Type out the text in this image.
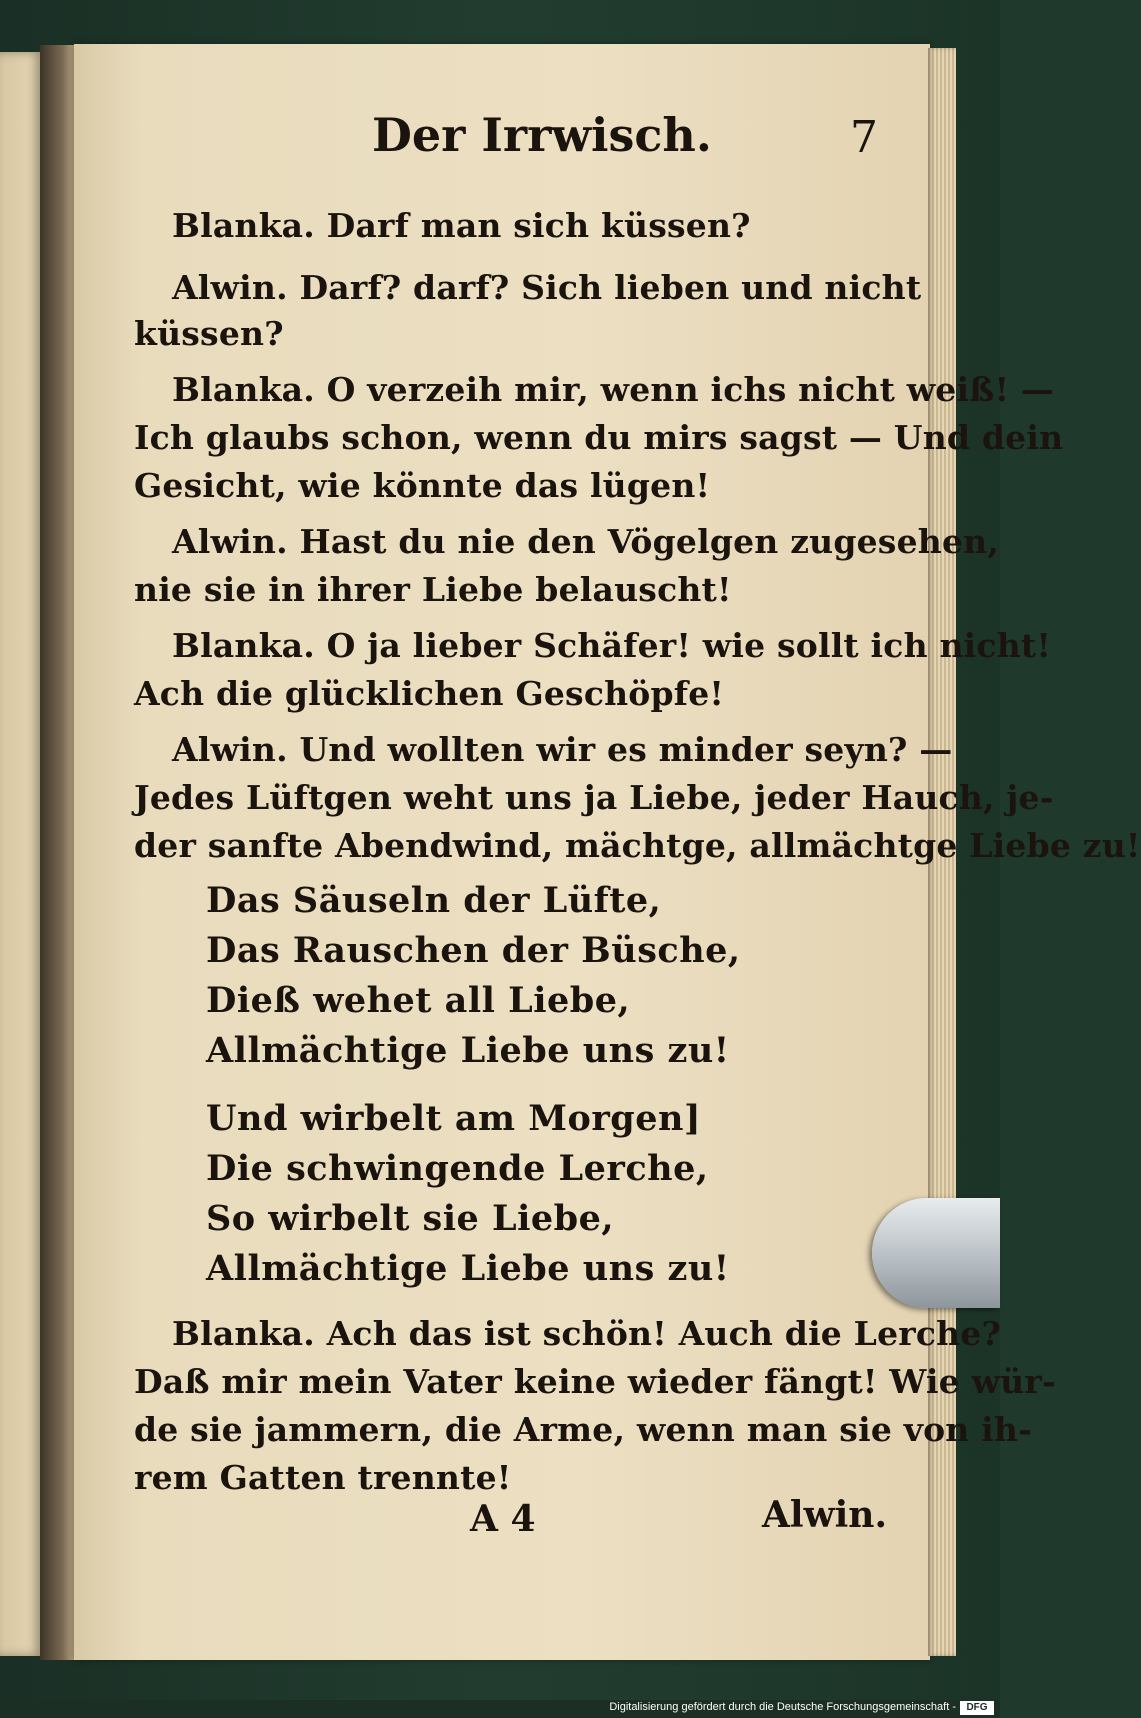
Der Irrwisch.	7
Blanka. Darf man sich küssen?
Alwin. Darf? darf? Sich lieben und nicht
küssen?
Blanka. O verzeih mir, wenn ichs nicht weiß! —
Ich glaubs schon, wenn du mirs sagst — Und dein
Gesicht, wie könnte das lügen!
Alwin. Hast du nie den Vögelgen zugesehen,
nie sie in ihrer Liebe belauscht!
Blanka. O ja lieber Schäfer! wie sollt ich nicht!
Ach die glücklichen Geschöpfe!
Alwin. Und wollten wir es minder seyn? —
Jedes Lüftgen weht uns ja Liebe, jeder Hauch, je-
der sanfte Abendwind, mächtge, allmächtge Liebe zu!
Das Säuseln der Lüfte,
Das Rauschen der Büsche,
Dieß wehet all Liebe,
Allmächtige Liebe uns zu!
Und wirbelt am Morgen]
Die schwingende Lerche,
So wirbelt sie Liebe,
Allmächtige Liebe uns zu!
Blanka. Ach das ist schön! Auch die Lerche?
Daß mir mein Vater keine wieder fängt! Wie wür-
de sie jammern, die Arme, wenn man sie von ih-
rem Gatten trennte!
A 4	Alwin.
Digitalisierung gefördert durch die Deutsche Forschungsgemeinschaft -	DFG
